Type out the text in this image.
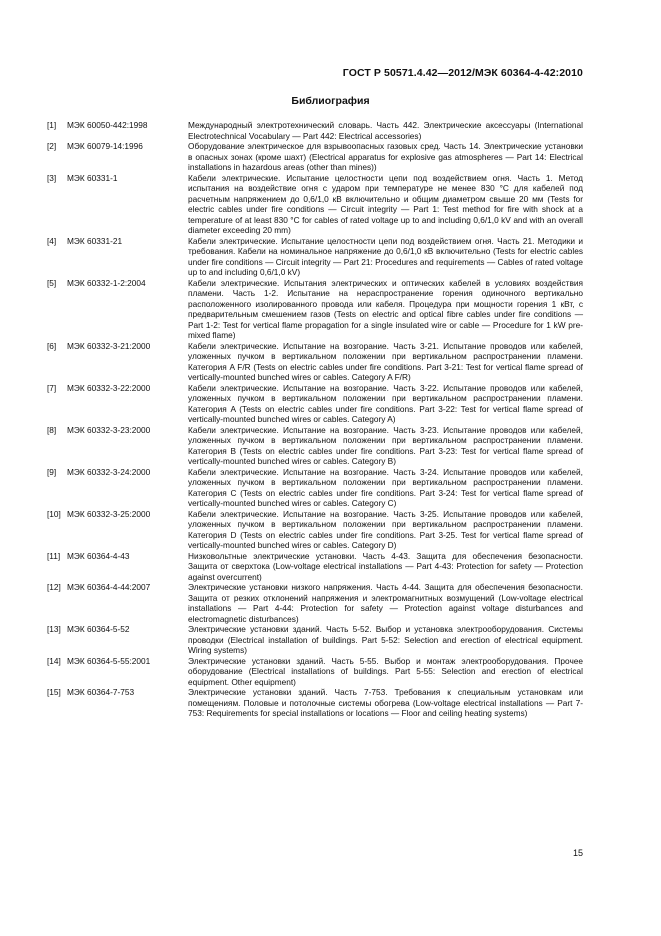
ГОСТ Р 50571.4.42—2012/МЭК 60364-4-42:2010
Библиография
[1]	МЭК 60050-442:1998	Международный электротехнический словарь. Часть 442. Электрические аксессуары (International Electrotechnical Vocabulary — Part 442: Electrical accessories)
[2]	МЭК 60079-14:1996	Оборудование электрическое для взрывоопасных газовых сред. Часть 14. Электрические установки в опасных зонах (кроме шахт) (Electrical apparatus for explosive gas atmospheres — Part 14: Electrical installations in hazardous areas (other than mines))
[3]	МЭК 60331-1	Кабели электрические. Испытание целостности цепи под воздействием огня. Часть 1. Метод испытания на воздействие огня с ударом при температуре не менее 830 °С для кабелей под расчетным напряжением до 0,6/1,0 кВ включительно и общим диаметром свыше 20 мм (Tests for electric cables under fire conditions — Circuit integrity — Part 1: Test method for fire with shock at a temperature of at least 830 °C for cables of rated voltage up to and including 0,6/1,0 kV and with an overall diameter exceeding 20 mm)
[4]	МЭК 60331-21	Кабели электрические. Испытание целостности цепи под воздействием огня. Часть 21. Методики и требования. Кабели на номинальное напряжение до 0,6/1,0 кВ включительно (Tests for electric cables under fire conditions — Circuit integrity — Part 21: Procedures and requirements — Cables of rated voltage up to and including 0,6/1,0 kV)
[5]	МЭК 60332-1-2:2004	Кабели электрические. Испытания электрических и оптических кабелей в условиях воздействия пламени. Часть 1-2. Испытание на нераспространение горения одиночного вертикально расположенного изолированного провода или кабеля. Процедура при мощности горения 1 кВт, с предварительным смешением газов (Tests on electric and optical fibre cables under fire conditions — Part 1-2: Test for vertical flame propagation for a single insulated wire or cable — Procedure for 1 kW pre-mixed flame)
[6]	МЭК 60332-3-21:2000	Кабели электрические. Испытание на возгорание. Часть 3-21. Испытание проводов или кабелей, уложенных пучком в вертикальном положении при вертикальном распространении пламени. Категория A F/R (Tests on electric cables under fire conditions. Part 3-21: Test for vertical flame spread of vertically-mounted bunched wires or cables. Category A F/R)
[7]	МЭК 60332-3-22:2000	Кабели электрические. Испытание на возгорание. Часть 3-22. Испытание проводов или кабелей, уложенных пучком в вертикальном положении при вертикальном распространении пламени. Категория A (Tests on electric cables under fire conditions. Part 3-22: Test for vertical flame spread of vertically-mounted bunched wires or cables. Category A)
[8]	МЭК 60332-3-23:2000	Кабели электрические. Испытание на возгорание. Часть 3-23. Испытание проводов или кабелей, уложенных пучком в вертикальном положении при вертикальном распространении пламени. Категория B (Tests on electric cables under fire conditions. Part 3-23: Test for vertical flame spread of vertically-mounted bunched wires or cables. Category B)
[9]	МЭК 60332-3-24:2000	Кабели электрические. Испытание на возгорание. Часть 3-24. Испытание проводов или кабелей, уложенных пучком в вертикальном положении при вертикальном распространении пламени. Категория C (Tests on electric cables under fire conditions. Part 3-24: Test for vertical flame spread of vertically-mounted bunched wires or cables. Category C)
[10] МЭК 60332-3-25:2000	Кабели электрические. Испытание на возгорание. Часть 3-25. Испытание проводов или кабелей, уложенных пучком в вертикальном положении при вертикальном распространении пламени. Категория D (Tests on electric cables under fire conditions. Part 3-25. Test for vertical flame spread of vertically-mounted bunched wires or cables. Category D)
[11] МЭК 60364-4-43	Низковольтные электрические установки. Часть 4-43. Защита для обеспечения безопасности. Защита от сверхтока (Low-voltage electrical installations — Part 4-43: Protection for safety — Protection against overcurrent)
[12] МЭК 60364-4-44:2007	Электрические установки низкого напряжения. Часть 4-44. Защита для обеспечения безопасности. Защита от резких отклонений напряжения и электромагнитных возмущений (Low-voltage electrical installations — Part 4-44: Protection for safety — Protection against voltage disturbances and electromagnetic disturbances)
[13] МЭК 60364-5-52	Электрические установки зданий. Часть 5-52. Выбор и установка электрооборудования. Системы проводки (Electrical installation of buildings. Part 5-52: Selection and erection of electrical equipment. Wiring systems)
[14] МЭК 60364-5-55:2001	Электрические установки зданий. Часть 5-55. Выбор и монтаж электрооборудования. Прочее оборудование (Electrical installations of buildings. Part 5-55: Selection and erection of electrical equipment. Other equipment)
[15] МЭК 60364-7-753	Электрические установки зданий. Часть 7-753. Требования к специальным установкам или помещениям. Половые и потолочные системы обогрева (Low-voltage electrical installations — Part 7-753: Requirements for special installations or locations — Floor and ceiling heating systems)
15
